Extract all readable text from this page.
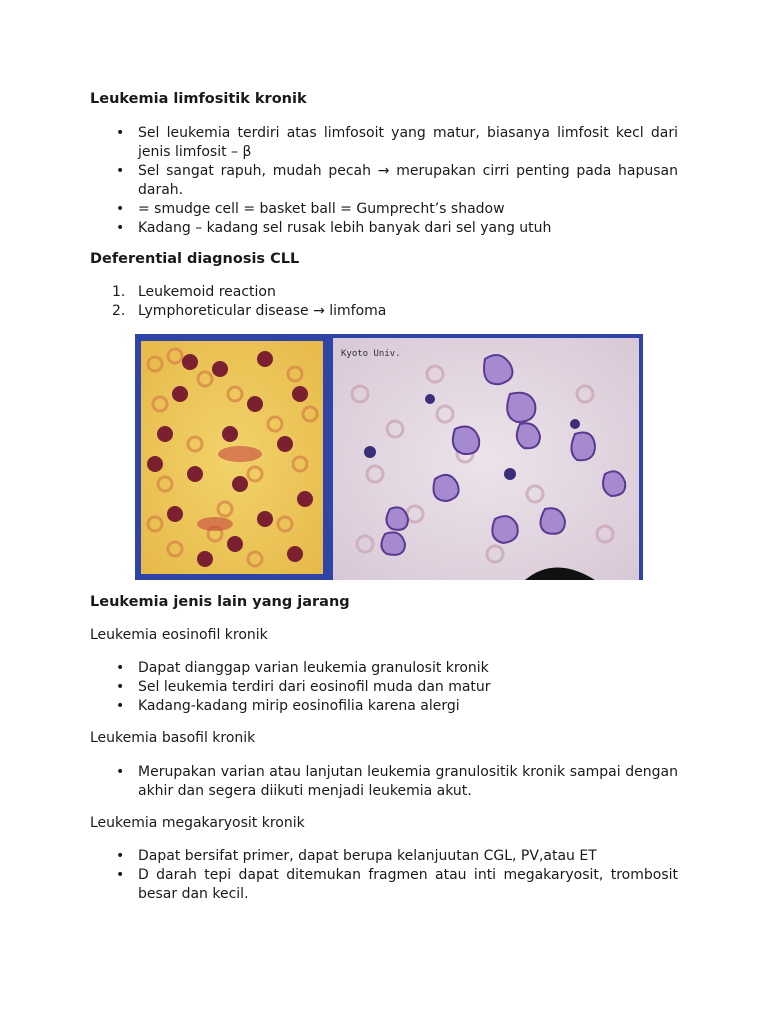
Leukemia limfositik kronik
• Sel leukemia terdiri atas limfosoit yang matur, biasanya limfosit kecl dari jenis limfosit – β
• Sel sangat rapuh, mudah pecah → merupakan cirri penting pada hapusan darah.
• = smudge cell = basket ball = Gumprecht’s shadow
• Kadang – kadang sel rusak lebih banyak dari sel yang utuh
Deferential diagnosis CLL
1. Leukemoid reaction
2. Lymphoreticular disease → limfoma
Kyoto Univ.
Leukemia jenis lain yang jarang

Leukemia eosinofil kronik

• Dapat dianggap varian leukemia granulosit kronik
• Sel leukemia terdiri dari eosinofil muda dan matur
• Kadang-kadang mirip eosinofilia karena alergi

Leukemia basofil kronik

• Merupakan varian atau lanjutan leukemia granulositik kronik sampai dengan akhir dan segera diikuti menjadi leukemia akut.

Leukemia megakaryosit kronik

• Dapat bersifat primer, dapat berupa kelanjuutan CGL, PV,atau ET
• D darah tepi dapat ditemukan fragmen atau inti megakaryosit, trombosit besar dan kecil.
